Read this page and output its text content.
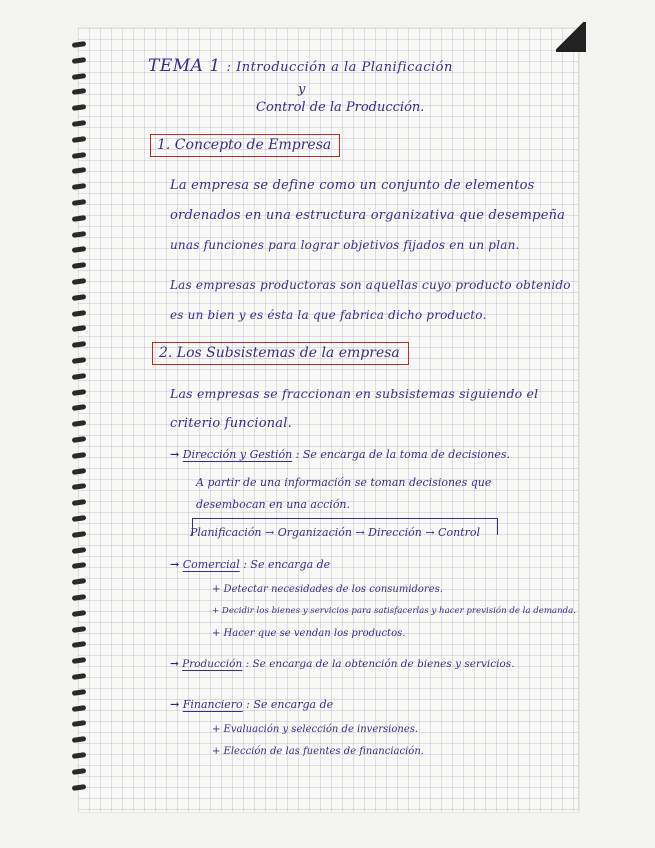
TEMA 1 : Introducción a la Planificación
y
Control de la Producción.
1. Concepto de Empresa
La empresa se define como un conjunto de elementos
ordenados en una estructura organizativa que desempeña
unas funciones para lograr objetivos fijados en un plan.
Las empresas productoras son aquellas cuyo producto obtenido
es un bien y es ésta la que fabrica dicho producto.
2. Los Subsistemas de la empresa
Las empresas se fraccionan en subsistemas siguiendo el
criterio funcional.
→ Dirección y Gestión : Se encarga de la toma de decisiones.
A partir de una información se toman decisiones que
desembocan en una acción.
Planificación → Organización → Dirección → Control
→ Comercial : Se encarga de
+ Detectar necesidades de los consumidores.
+ Decidir los bienes y servicios para satisfacerlas y hacer previsión de la demanda.
+ Hacer que se vendan los productos.
→ Producción : Se encarga de la obtención de bienes y servicios.
→ Financiero : Se encarga de
+ Evaluación y selección de inversiones.
+ Elección de las fuentes de financiación.
